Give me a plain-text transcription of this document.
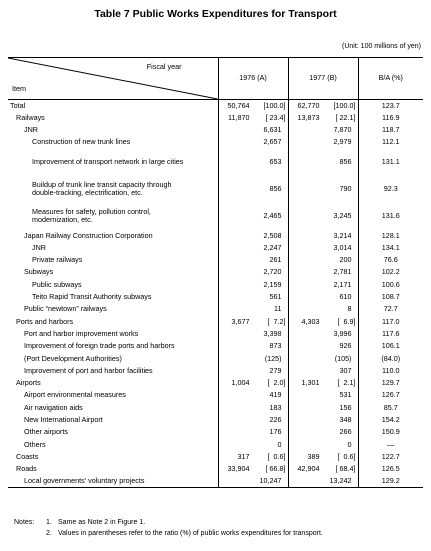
Table 7 Public Works Expenditures for Transport
(Unit: 100 millions of yen)
Fiscal year
Item	1976 (A)	1977 (B)	B/A (%)
Total	50,764 [100.0]	62,770 [100.0]	123.7
Railways	11,870 [ 23.4]	13,873 [ 22.1]	116.9
JNR	6,631	7,870	118.7
Construction of new trunk lines	2,657	2,979	112.1
Improvement of transport network in large cities	653	856	131.1
Buildup of trunk line transit capacity through double-tracking, electrification, etc.	856	790	92.3
Measures for safety, pollution control, modernization, etc.	2,465	3,245	131.6
Japan Railway Construction Corporation	2,508	3,214	128.1
JNR	2,247	3,014	134.1
Private railways	261	200	76.6
Subways	2,720	2,781	102.2
Public subways	2,159	2,171	100.6
Teito Rapid Transit Authority subways	561	610	108.7
Public “newtown” railways	11	8	72.7
Ports and harbors	3,677 [  7.2]	4,303 [  6.9]	117.0
Port and harbor improvement works	3,398	3,996	117.6
Improvement of foreign trade ports and harbors	873	926	106.1
(Port Development Authorities)	(125)	(105)	(84.0)
Improvement of port and harbor facilities	279	307	110.0
Airports	1,004 [  2.0]	1,301 [  2.1]	129.7
Airport environmental measures	419	531	126.7
Air navigation aids	183	156	85.7
New International Airport	226	348	154.2
Other airports	176	266	150.9
Others	0	0	—
Coasts	317 [  0.6]	389 [  0.6]	122.7
Roads	33,904 [ 66.8]	42,904 [ 68.4]	126.5
Local governments' voluntary projects	10,247	13,242	129.2
Notes:	1. Same as Note 2 in Figure 1.
2. Values in parentheses refer to the ratio (%) of public works expenditures for transport.
